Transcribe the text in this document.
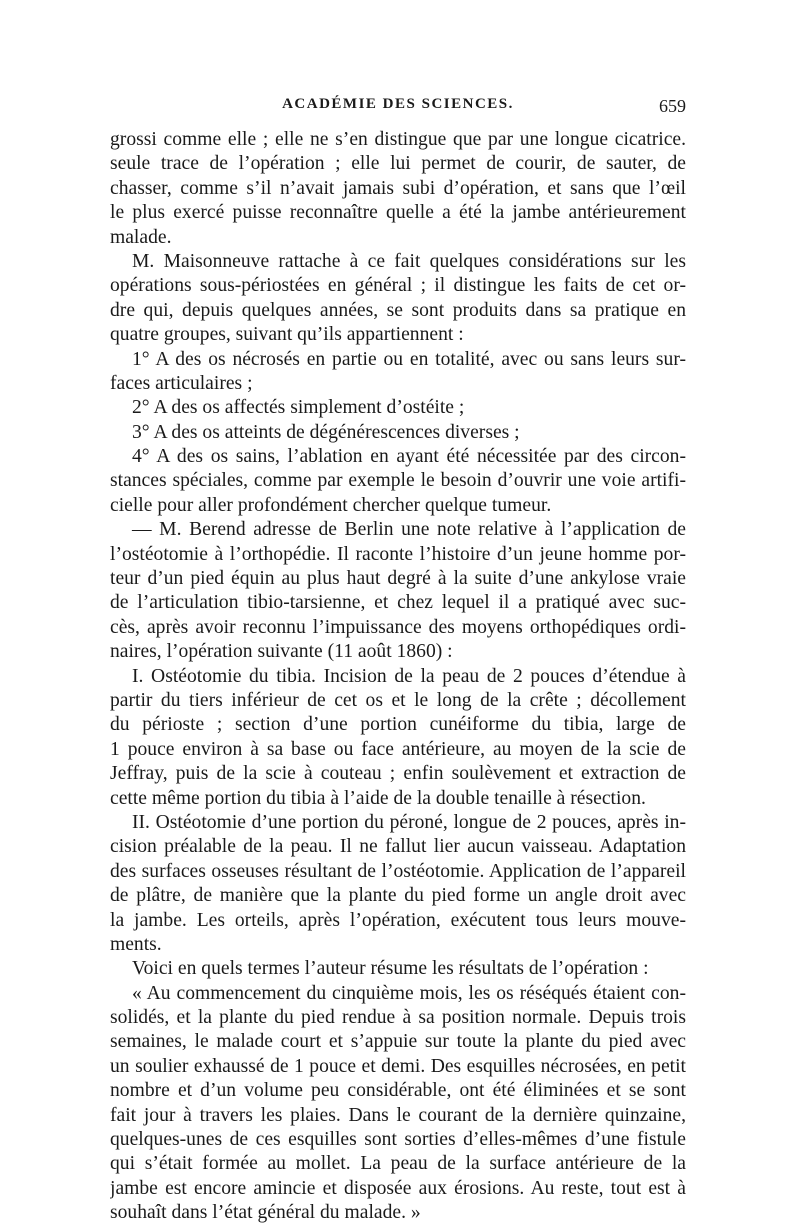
ACADÉMIE DES SCIENCES.	659
grossi comme elle ; elle ne s’en distingue que par une longue cicatrice.
seule trace de l’opération ; elle lui permet de courir, de sauter, de
chasser, comme s’il n’avait jamais subi d’opération, et sans que l’œil
le plus exercé puisse reconnaître quelle a été la jambe antérieurement
malade.
M. Maisonneuve rattache à ce fait quelques considérations sur les
opérations sous-périostées en général ; il distingue les faits de cet or-
dre qui, depuis quelques années, se sont produits dans sa pratique en
quatre groupes, suivant qu’ils appartiennent :
1° A des os nécrosés en partie ou en totalité, avec ou sans leurs sur-
faces articulaires ;
2° A des os affectés simplement d’ostéite ;
3° A des os atteints de dégénérescences diverses ;
4° A des os sains, l’ablation en ayant été nécessitée par des circon-
stances spéciales, comme par exemple le besoin d’ouvrir une voie artifi-
cielle pour aller profondément chercher quelque tumeur.
— M. Berend adresse de Berlin une note relative à l’application de
l’ostéotomie à l’orthopédie. Il raconte l’histoire d’un jeune homme por-
teur d’un pied équin au plus haut degré à la suite d’une ankylose vraie
de l’articulation tibio-tarsienne, et chez lequel il a pratiqué avec suc-
cès, après avoir reconnu l’impuissance des moyens orthopédiques ordi-
naires, l’opération suivante (11 août 1860) :
I. Ostéotomie du tibia. Incision de la peau de 2 pouces d’étendue à
partir du tiers inférieur de cet os et le long de la crête ; décollement
du périoste ; section d’une portion cunéiforme du tibia, large de
1 pouce environ à sa base ou face antérieure, au moyen de la scie de
Jeffray, puis de la scie à couteau ; enfin soulèvement et extraction de
cette même portion du tibia à l’aide de la double tenaille à résection.
II. Ostéotomie d’une portion du péroné, longue de 2 pouces, après in-
cision préalable de la peau. Il ne fallut lier aucun vaisseau. Adaptation
des surfaces osseuses résultant de l’ostéotomie. Application de l’appareil
de plâtre, de manière que la plante du pied forme un angle droit avec
la jambe. Les orteils, après l’opération, exécutent tous leurs mouve-
ments.
Voici en quels termes l’auteur résume les résultats de l’opération :
« Au commencement du cinquième mois, les os réséqués étaient con-
solidés, et la plante du pied rendue à sa position normale. Depuis trois
semaines, le malade court et s’appuie sur toute la plante du pied avec
un soulier exhaussé de 1 pouce et demi. Des esquilles nécrosées, en petit
nombre et d’un volume peu considérable, ont été éliminées et se sont
fait jour à travers les plaies. Dans le courant de la dernière quinzaine,
quelques-unes de ces esquilles sont sorties d’elles-mêmes d’une fistule
qui s’était formée au mollet. La peau de la surface antérieure de la
jambe est encore amincie et disposée aux érosions. Au reste, tout est à
souhaît dans l’état général du malade. »
